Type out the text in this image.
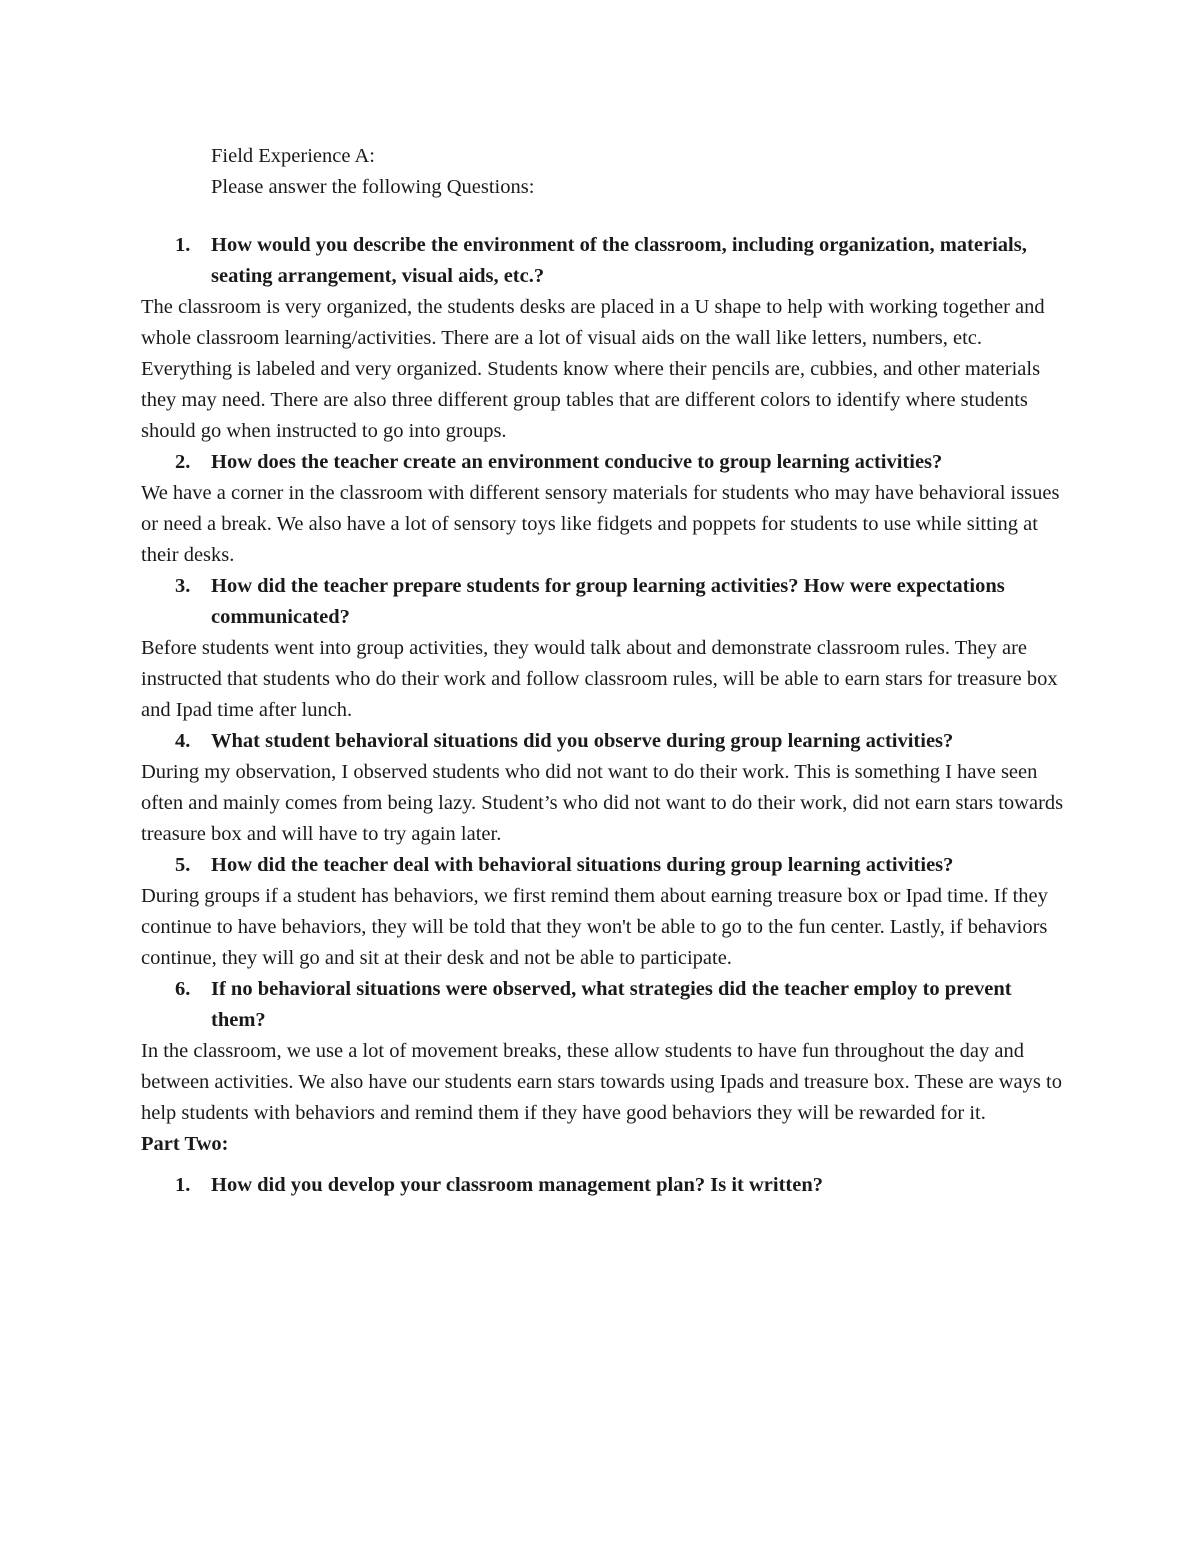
Field Experience A:

Please answer the following Questions:

1. How would you describe the environment of the classroom, including organization, materials, seating arrangement, visual aids, etc.?

The classroom is very organized, the students desks are placed in a U shape to help with working together and whole classroom learning/activities. There are a lot of visual aids on the wall like letters, numbers, etc. Everything is labeled and very organized. Students know where their pencils are, cubbies, and other materials they may need. There are also three different group tables that are different colors to identify where students should go when instructed to go into groups.

2. How does the teacher create an environment conducive to group learning activities?

We have a corner in the classroom with different sensory materials for students who may have behavioral issues or need a break. We also have a lot of sensory toys like fidgets and poppets for students to use while sitting at their desks.

3. How did the teacher prepare students for group learning activities? How were expectations communicated?

Before students went into group activities, they would talk about and demonstrate classroom rules. They are instructed that students who do their work and follow classroom rules, will be able to earn stars for treasure box and Ipad time after lunch.

4. What student behavioral situations did you observe during group learning activities?

During my observation, I observed students who did not want to do their work. This is something I have seen often and mainly comes from being lazy. Student’s who did not want to do their work, did not earn stars towards treasure box and will have to try again later.

5. How did the teacher deal with behavioral situations during group learning activities?

During groups if a student has behaviors, we first remind them about earning treasure box or Ipad time. If they continue to have behaviors, they will be told that they won't be able to go to the fun center. Lastly, if behaviors continue, they will go and sit at their desk and not be able to participate.

6. If no behavioral situations were observed, what strategies did the teacher employ to prevent them?

In the classroom, we use a lot of movement breaks, these allow students to have fun throughout the day and between activities. We also have our students earn stars towards using Ipads and treasure box. These are ways to help students with behaviors and remind them if they have good behaviors they will be rewarded for it.

Part Two:

1. How did you develop your classroom management plan? Is it written?
